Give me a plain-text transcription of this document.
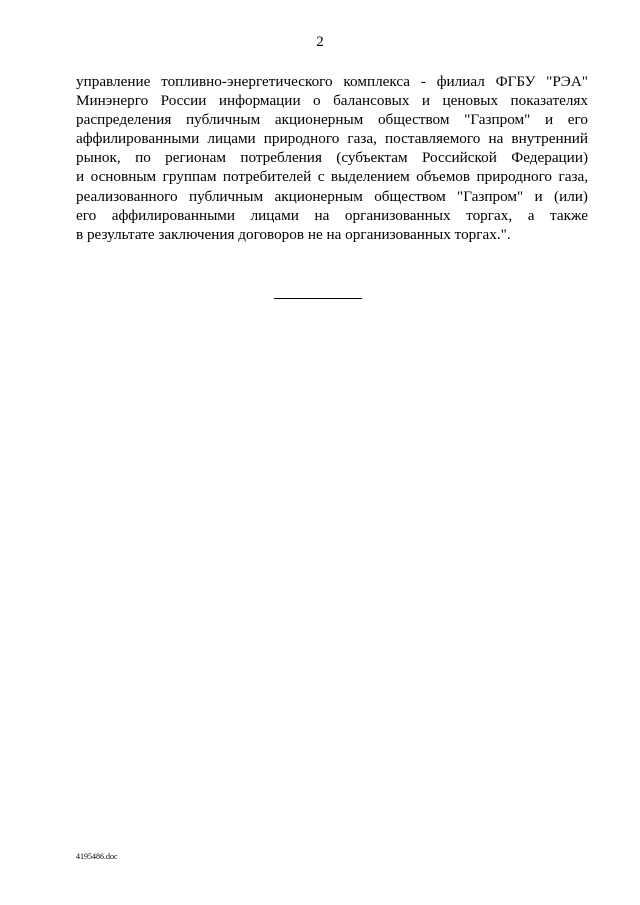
2
управление топливно-энергетического комплекса - филиал ФГБУ "РЭА"
Минэнерго России информации о балансовых и ценовых показателях
распределения публичным акционерным обществом "Газпром" и его
аффилированными лицами природного газа, поставляемого на внутренний
рынок, по регионам потребления (субъектам Российской Федерации)
и основным группам потребителей с выделением объемов природного газа,
реализованного публичным акционерным обществом "Газпром" и (или)
его аффилированными лицами на организованных торгах, а также
в результате заключения договоров не на организованных торгах.".
4195486.doc
